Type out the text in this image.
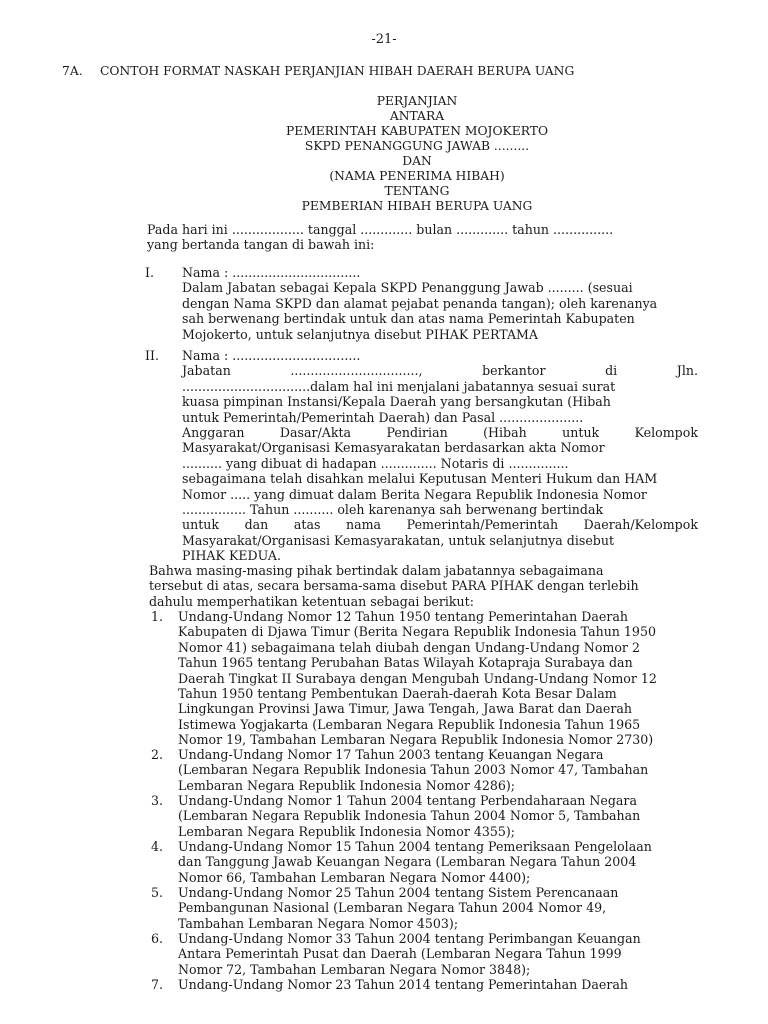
-21-
7A. CONTOH FORMAT NASKAH PERJANJIAN HIBAH DAERAH BERUPA UANG
PERJANJIAN
ANTARA
PEMERINTAH KABUPATEN MOJOKERTO
SKPD PENANGGUNG JAWAB .........
DAN
(NAMA PENERIMA HIBAH)
TENTANG
PEMBERIAN HIBAH BERUPA UANG
Pada hari ini .................. tanggal ............. bulan ............. tahun ...............
yang bertanda tangan di bawah ini:
I. Nama : ................................
Dalam Jabatan sebagai Kepala SKPD Penanggung Jawab ......... (sesuai
dengan Nama SKPD dan alamat pejabat penanda tangan); oleh karenanya
sah berwenang bertindak untuk dan atas nama Pemerintah Kabupaten
Mojokerto, untuk selanjutnya disebut PIHAK PERTAMA
II. Nama : ................................
Jabatan	................................,	berkantor	di	Jln.
................................dalam hal ini menjalani jabatannya sesuai surat
kuasa pimpinan Instansi/Kepala Daerah yang bersangkutan (Hibah
untuk Pemerintah/Pemerintah Daerah) dan Pasal .....................
Anggaran	Dasar/Akta	Pendirian	(Hibah	untuk	Kelompok
Masyarakat/Organisasi Kemasyarakatan berdasarkan akta Nomor
.......... yang dibuat di hadapan .............. Notaris di ...............
sebagaimana telah disahkan melalui Keputusan Menteri Hukum dan HAM
Nomor ..... yang dimuat dalam Berita Negara Republik Indonesia Nomor
................ Tahun .......... oleh karenanya sah berwenang bertindak
untuk dan atas nama Pemerintah/Pemerintah Daerah/Kelompok
Masyarakat/Organisasi Kemasyarakatan, untuk selanjutnya disebut
PIHAK KEDUA.
Bahwa masing-masing pihak bertindak dalam jabatannya sebagaimana
tersebut di atas, secara bersama-sama disebut PARA PIHAK dengan terlebih
dahulu memperhatikan ketentuan sebagai berikut:
1.	Undang-Undang Nomor 12 Tahun 1950 tentang Pemerintahan Daerah
Kabupaten di Djawa Timur (Berita Negara Republik Indonesia Tahun 1950
Nomor 41) sebagaimana telah diubah dengan Undang-Undang Nomor 2
Tahun 1965 tentang Perubahan Batas Wilayah Kotapraja Surabaya dan
Daerah Tingkat II Surabaya dengan Mengubah Undang-Undang Nomor 12
Tahun 1950 tentang Pembentukan Daerah-daerah Kota Besar Dalam
Lingkungan Provinsi Jawa Timur, Jawa Tengah, Jawa Barat dan Daerah
Istimewa Yogjakarta (Lembaran Negara Republik Indonesia Tahun 1965
Nomor 19, Tambahan Lembaran Negara Republik Indonesia Nomor 2730)
2.	Undang-Undang Nomor 17 Tahun 2003 tentang Keuangan Negara
(Lembaran Negara Republik Indonesia Tahun 2003 Nomor 47, Tambahan
Lembaran Negara Republik Indonesia Nomor 4286);
3.	Undang-Undang Nomor 1 Tahun 2004 tentang Perbendaharaan Negara
(Lembaran Negara Republik Indonesia Tahun 2004 Nomor 5, Tambahan
Lembaran Negara Republik Indonesia Nomor 4355);
4.	Undang-Undang Nomor 15 Tahun 2004 tentang Pemeriksaan Pengelolaan
dan Tanggung Jawab Keuangan Negara (Lembaran Negara Tahun 2004
Nomor 66, Tambahan Lembaran Negara Nomor 4400);
5.	Undang-Undang Nomor 25 Tahun 2004 tentang Sistem Perencanaan
Pembangunan Nasional (Lembaran Negara Tahun 2004 Nomor 49,
Tambahan Lembaran Negara Nomor 4503);
6.	Undang-Undang Nomor 33 Tahun 2004 tentang Perimbangan Keuangan
Antara Pemerintah Pusat dan Daerah (Lembaran Negara Tahun 1999
Nomor 72, Tambahan Lembaran Negara Nomor 3848);
7.	Undang-Undang Nomor 23 Tahun 2014 tentang Pemerintahan Daerah
